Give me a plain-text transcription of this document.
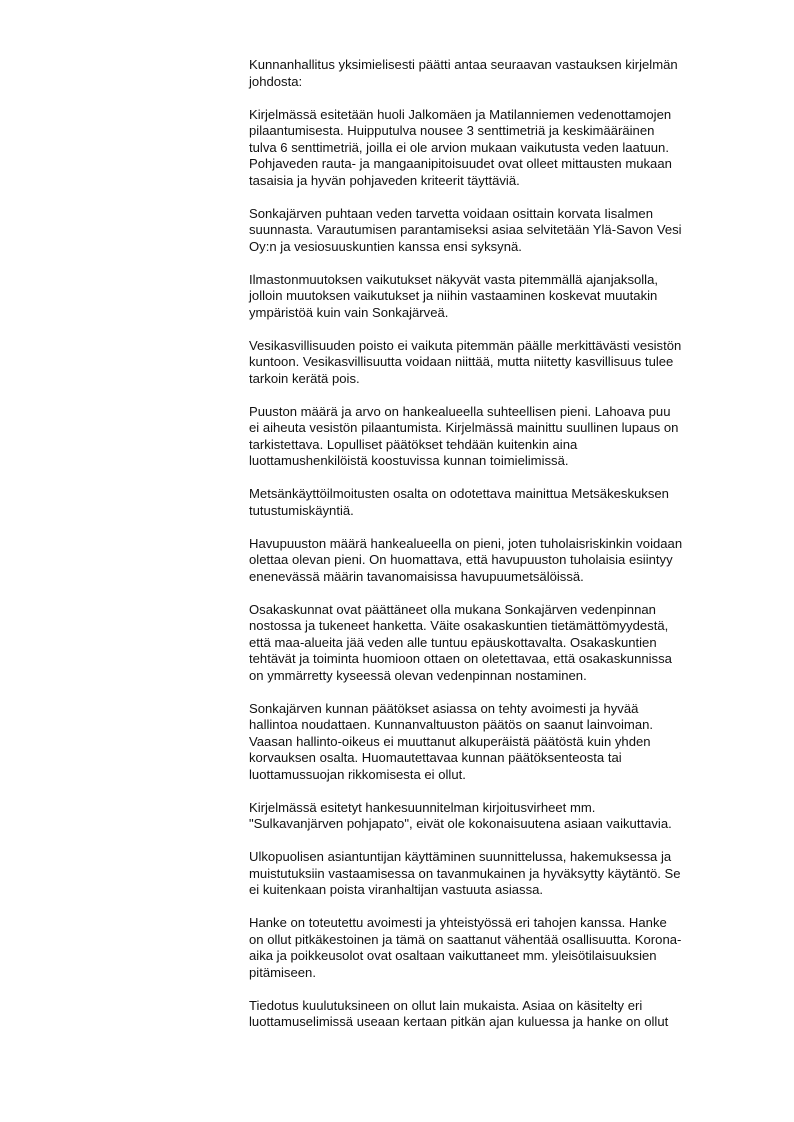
Kunnanhallitus yksimielisesti päätti antaa seuraavan vastauksen kirjelmän
johdosta:

Kirjelmässä esitetään huoli Jalkomäen ja Matilanniemen vedenottamojen
pilaantumisesta. Huipputulva nousee 3 senttimetriä ja keskimääräinen
tulva 6 senttimetriä, joilla ei ole arvion mukaan vaikutusta veden laatuun.
Pohjaveden rauta- ja mangaanipitoisuudet ovat olleet mittausten mukaan
tasaisia ja hyvän pohjaveden kriteerit täyttäviä.

Sonkajärven puhtaan veden tarvetta voidaan osittain korvata Iisalmen
suunnasta. Varautumisen parantamiseksi asiaa selvitetään Ylä-Savon Vesi
Oy:n ja vesiosuuskuntien kanssa ensi syksynä.

Ilmastonmuutoksen vaikutukset näkyvät vasta pitemmällä ajanjaksolla,
jolloin muutoksen vaikutukset ja niihin vastaaminen koskevat muutakin
ympäristöä kuin vain Sonkajärveä.

Vesikasvillisuuden poisto ei vaikuta pitemmän päälle merkittävästi vesistön
kuntoon. Vesikasvillisuutta voidaan niittää, mutta niitetty kasvillisuus tulee
tarkoin kerätä pois.

Puuston määrä ja arvo on hankealueella suhteellisen pieni. Lahoava puu
ei aiheuta vesistön pilaantumista. Kirjelmässä mainittu suullinen lupaus on
tarkistettava. Lopulliset päätökset tehdään kuitenkin aina
luottamushenkilöistä koostuvissa kunnan toimielimissä.

Metsänkäyttöilmoitusten osalta on odotettava mainittua Metsäkeskuksen
tutustumiskäyntiä.

Havupuuston määrä hankealueella on pieni, joten tuholaisriskinkin voidaan
olettaa olevan pieni. On huomattava, että havupuuston tuholaisia esiintyy
enenevässä määrin tavanomaisissa havupuumetsälöissä.

Osakaskunnat ovat päättäneet olla mukana Sonkajärven vedenpinnan
nostossa ja tukeneet hanketta. Väite osakaskuntien tietämättömyydestä,
että maa-alueita jää veden alle tuntuu epäuskottavalta. Osakaskuntien
tehtävät ja toiminta huomioon ottaen on oletettavaa, että osakaskunnissa
on ymmärretty kyseessä olevan vedenpinnan nostaminen.

Sonkajärven kunnan päätökset asiassa on tehty avoimesti ja hyvää
hallintoa noudattaen. Kunnanvaltuuston päätös on saanut lainvoiman.
Vaasan hallinto-oikeus ei muuttanut alkuperäistä päätöstä kuin yhden
korvauksen osalta. Huomautettavaa kunnan päätöksenteosta tai
luottamussuojan rikkomisesta ei ollut.

Kirjelmässä esitetyt hankesuunnitelman kirjoitusvirheet mm.
"Sulkavanjärven pohjapato", eivät ole kokonaisuutena asiaan vaikuttavia.

Ulkopuolisen asiantuntijan käyttäminen suunnittelussa, hakemuksessa ja
muistutuksiin vastaamisessa on tavanmukainen ja hyväksytty käytäntö. Se
ei kuitenkaan poista viranhaltijan vastuuta asiassa.

Hanke on toteutettu avoimesti ja yhteistyössä eri tahojen kanssa. Hanke
on ollut pitkäkestoinen ja tämä on saattanut vähentää osallisuutta. Korona-
aika ja poikkeusolot ovat osaltaan vaikuttaneet mm. yleisötilaisuuksien
pitämiseen.

Tiedotus kuulutuksineen on ollut lain mukaista. Asiaa on käsitelty eri
luottamuselimissä useaan kertaan pitkän ajan kuluessa ja hanke on ollut
